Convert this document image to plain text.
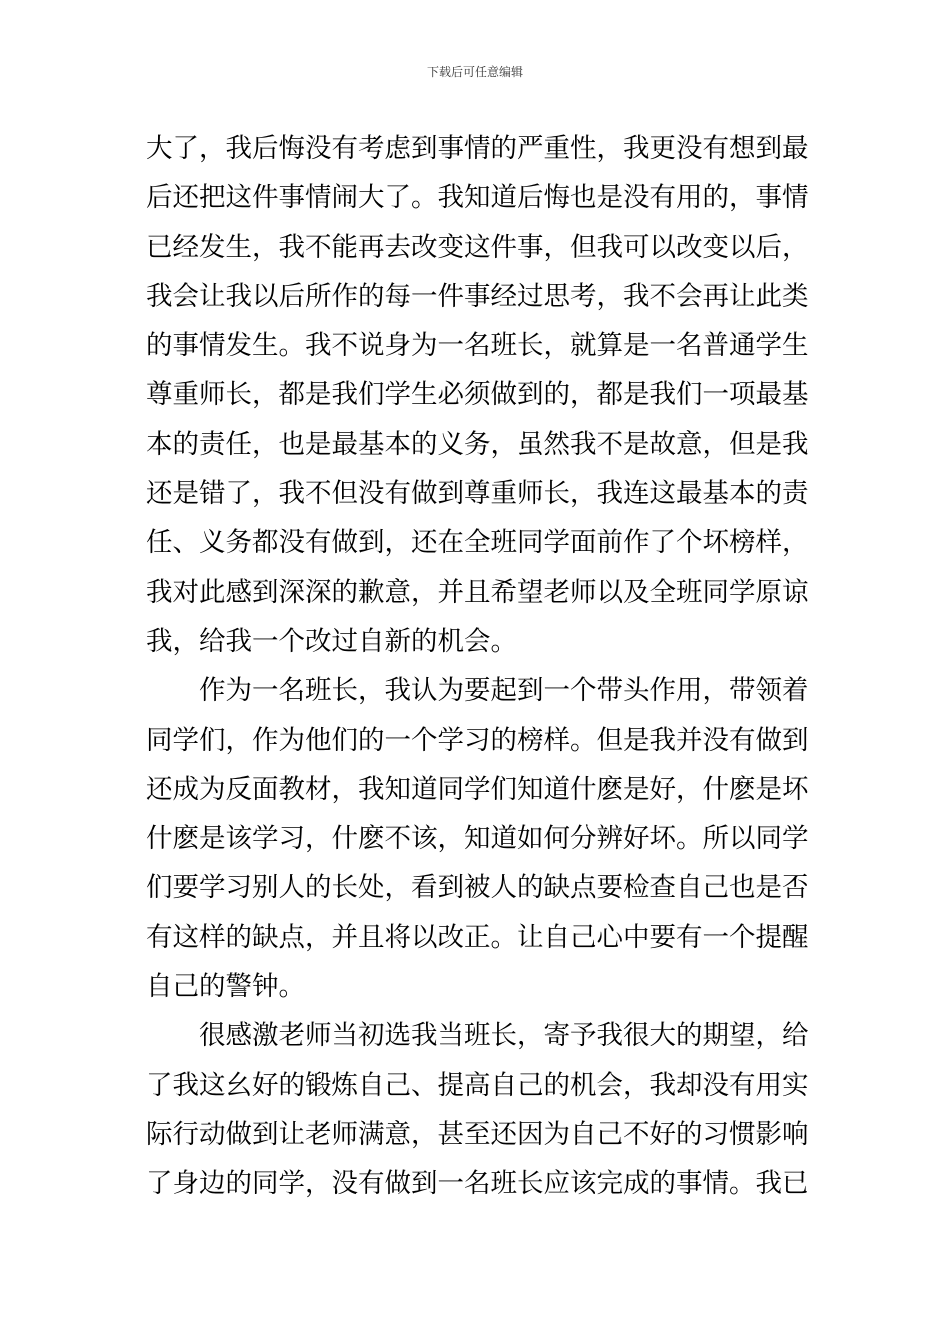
下载后可任意编辑
大了，我后悔没有考虑到事情的严重性，我更没有想到最
后还把这件事情闹大了。我知道后悔也是没有用的，事情
已经发生，我不能再去改变这件事，但我可以改变以后，
我会让我以后所作的每一件事经过思考，我不会再让此类
的事情发生。我不说身为一名班长，就算是一名普通学生
尊重师长，都是我们学生必须做到的，都是我们一项最基
本的责任，也是最基本的义务，虽然我不是故意，但是我
还是错了，我不但没有做到尊重师长，我连这最基本的责
任、义务都没有做到，还在全班同学面前作了个坏榜样，
我对此感到深深的歉意，并且希望老师以及全班同学原谅
我，给我一个改过自新的机会。
作为一名班长，我认为要起到一个带头作用，带领着
同学们，作为他们的一个学习的榜样。但是我并没有做到
还成为反面教材，我知道同学们知道什麽是好，什麽是坏
什麽是该学习，什麽不该，知道如何分辨好坏。所以同学
们要学习别人的长处，看到被人的缺点要检查自己也是否
有这样的缺点，并且将以改正。让自己心中要有一个提醒
自己的警钟。
很感激老师当初选我当班长，寄予我很大的期望，给
了我这幺好的锻炼自己、提高自己的机会，我却没有用实
际行动做到让老师满意，甚至还因为自己不好的习惯影响
了身边的同学，没有做到一名班长应该完成的事情。我已
